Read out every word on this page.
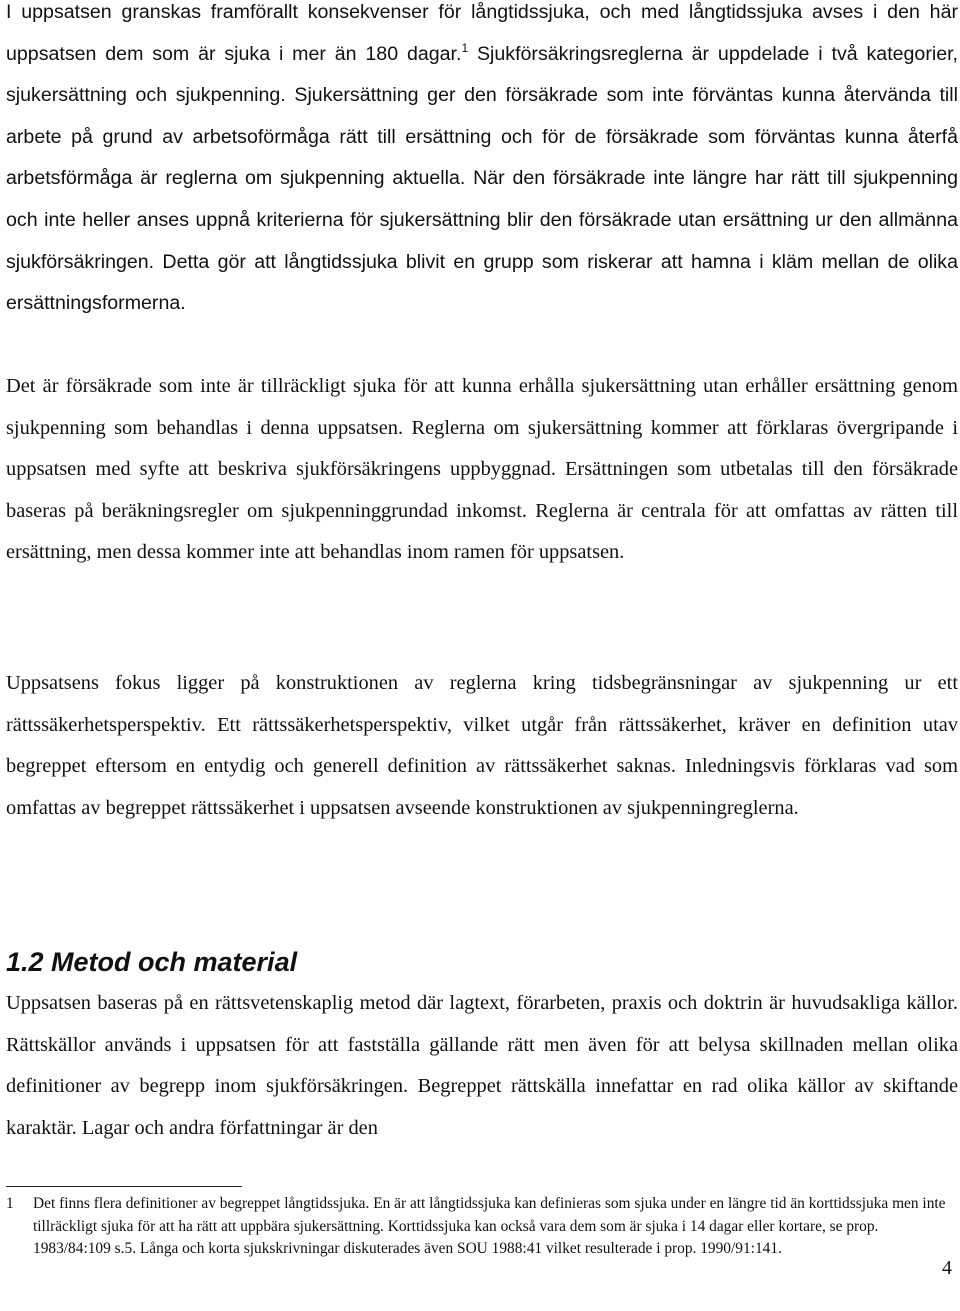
I uppsatsen granskas framförallt konsekvenser för långtidssjuka, och med långtidssjuka avses i den här uppsatsen dem som är sjuka i mer än 180 dagar.$^1$ Sjukförsäkringsreglerna är uppdelade i två kategorier, sjukersättning och sjukpenning. Sjukersättning ger den försäkrade som inte förväntas kunna återvända till arbete på grund av arbetsoförmåga rätt till ersättning och för de försäkrade som förväntas kunna återfå arbetsförmåga är reglerna om sjukpenning aktuella. När den försäkrade inte längre har rätt till sjukpenning och inte heller anses uppnå kriterierna för sjukersättning blir den försäkrade utan ersättning ur den allmänna sjukförsäkringen. Detta gör att långtidssjuka blivit en grupp som riskerar att hamna i kläm mellan de olika ersättningsformerna.

Det är försäkrade som inte är tillräckligt sjuka för att kunna erhålla sjukersättning utan erhåller ersättning genom sjukpenning som behandlas i denna uppsatsen. Reglerna om sjukersättning kommer att förklaras övergripande i uppsatsen med syfte att beskriva sjukförsäkringens uppbyggnad. Ersättningen som utbetalas till den försäkrade baseras på beräkningsregler om sjukpenninggrundad inkomst. Reglerna är centrala för att omfattas av rätten till ersättning, men dessa kommer inte att behandlas inom ramen för uppsatsen.

Uppsatsens fokus ligger på konstruktionen av reglerna kring tidsbegränsningar av sjukpenning ur ett rättssäkerhetsperspektiv. Ett rättssäkerhetsperspektiv, vilket utgår från rättssäkerhet, kräver en definition utav begreppet eftersom en entydig och generell definition av rättssäkerhet saknas. Inledningsvis förklaras vad som omfattas av begreppet rättssäkerhet i uppsatsen avseende konstruktionen av sjukpenningreglerna.

1.2 Metod och material

Uppsatsen baseras på en rättsvetenskaplig metod där lagtext, förarbeten, praxis och doktrin är huvudsakliga källor. Rättskällor används i uppsatsen för att fastställa gällande rätt men även för att belysa skillnaden mellan olika definitioner av begrepp inom sjukförsäkringen. Begreppet rättskälla innefattar en rad olika källor av skiftande karaktär. Lagar och andra författningar är den

1 Det finns flera definitioner av begreppet långtidssjuka. En är att långtidssjuka kan definieras som sjuka under en längre tid än korttidssjuka men inte tillräckligt sjuka för att ha rätt att uppbära sjukersättning. Korttidssjuka kan också vara dem som är sjuka i 14 dagar eller kortare, se prop. 1983/84:109 s.5. Långa och korta sjukskrivningar diskuterades även SOU 1988:41 vilket resulterade i prop. 1990/91:141.
4
